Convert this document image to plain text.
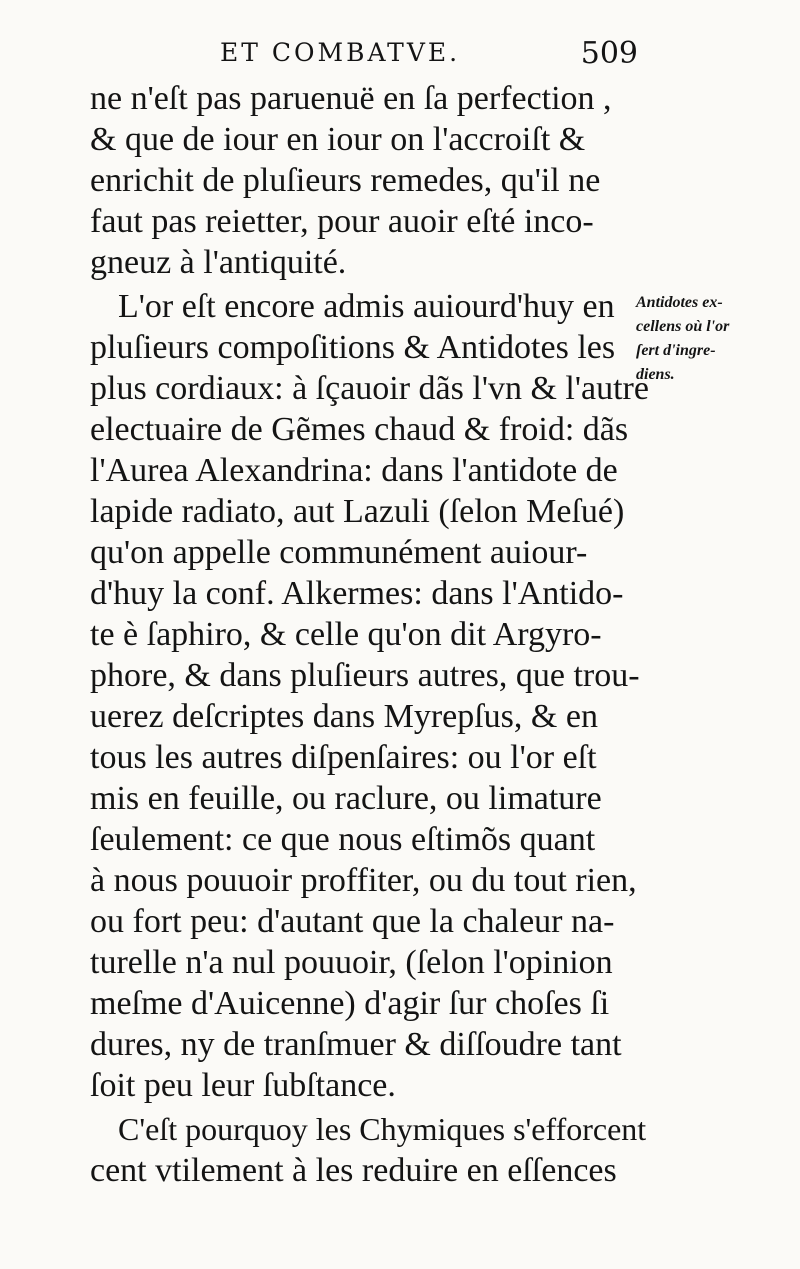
ET COMBATVE.	509
ne n'eſt pas paruenuë en ſa perfection ,
& que de iour en iour on l'accroiſt &
enrichit de pluſieurs remedes, qu'il ne
faut pas reietter, pour auoir eſté inco-
gneuz à l'antiquité.
L'or eſt encore admis auiourd'huy en
pluſieurs compoſitions & Antidotes les
plus cordiaux: à ſçauoir dãs l'vn & l'autre
electuaire de Gẽmes chaud & froid: dãs
l'Aurea Alexandrina: dans l'antidote de
lapide radiato, aut Lazuli (ſelon Meſué)
qu'on appelle communément auiour-
d'huy la conf. Alkermes: dans l'Antido-
te è ſaphiro, & celle qu'on dit Argyro-
phore, & dans pluſieurs autres, que trou-
uerez deſcriptes dans Myrepſus, & en
tous les autres diſpenſaires: ou l'or eſt
mis en feuille, ou raclure, ou limature
ſeulement: ce que nous eſtimõs quant
à nous pouuoir proffiter, ou du tout rien,
ou fort peu: d'autant que la chaleur na-
turelle n'a nul pouuoir, (ſelon l'opinion
meſme d'Auicenne) d'agir ſur choſes ſi
dures, ny de tranſmuer & diſſoudre tant
ſoit peu leur ſubſtance.
C'eſt pourquoy les Chymiques s'efforcent
cent vtilement à les reduire en eſſences
Antidotes ex-
cellens où l'or
ſert d'ingre-
diens.
